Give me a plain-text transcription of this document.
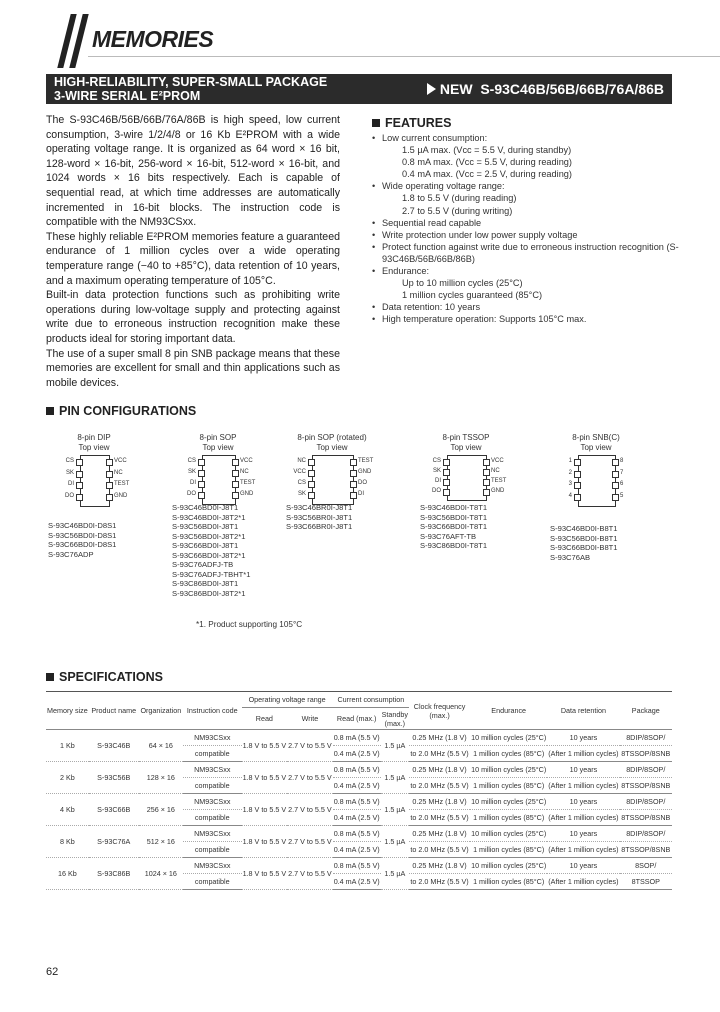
MEMORIES
HIGH-RELIABILITY, SUPER-SMALL PACKAGE
3-WIRE SERIAL E²PROM	NEW S-93C46B/56B/66B/76A/86B

The S-93C46B/56B/66B/76A/86B is high speed, low current consumption, 3-wire 1/2/4/8 or 16 Kb E²PROM with a wide operating voltage range. It is organized as 64 word × 16 bit, 128-word × 16-bit, 256-word × 16-bit, 512-word × 16-bit, and 1024 words × 16 bits respectively. Each is capable of sequential read, at which time addresses are automatically incremented in 16-bit blocks. The instruction code is compatible with the NM93CSxx.

These highly reliable E²PROM memories feature a guaranteed endurance of 1 million cycles over a wide operating temperature range (−40 to +85°C), data retention of 10 years, and a maximum operating temperature of 105°C.

Built-in data protection functions such as prohibiting write operations during low-voltage supply and protecting against write due to erroneous instruction recognition make these products ideal for storing important data.

The use of a super small 8 pin SNB package means that these memories are excellent for small and thin applications such as mobile devices.

FEATURES
• Low current consumption:
1.5 µA max. (Vcc = 5.5 V, during standby)
0.8 mA max. (Vcc = 5.5 V, during reading)
0.4 mA max. (Vcc = 2.5 V, during reading)
• Wide operating voltage range:
1.8 to 5.5 V (during reading)
2.7 to 5.5 V (during writing)
• Sequential read capable
• Write protection under low power supply voltage
• Protect function against write due to erroneous instruction recognition (S-93C46B/56B/66B/86B)
• Endurance:
Up to 10 million cycles (25°C)
1 million cycles guaranteed (85°C)
• Data retention: 10 years
• High temperature operation: Supports 105°C max.
PIN CONFIGURATIONS
8-pin DIP
Top view
CS	VCC
SK	NC
DI	TEST
DO	GND
S-93C46BD0I-D8S1
S-93C56BD0I-D8S1
S-93C66BD0I-D8S1
S-93C76ADP
8-pin SOP
Top view
CS	VCC
SK	NC
DI	TEST
DO	GND
S-93C46BD0I-J8T1
S-93C46BD0I-J8T2*1
S-93C56BD0I-J8T1
S-93C56BD0I-J8T2*1
S-93C66BD0I-J8T1
S-93C66BD0I-J8T2*1
S-93C76ADFJ-TB
S-93C76ADFJ-TBHT*1
S-93C86BD0I-J8T1
S-93C86BD0I-J8T2*1
8-pin SOP (rotated)
Top view
NC	TEST
VCC	GND
CS	DO
SK	DI
S-93C46BR0I-J8T1
S-93C56BR0I-J8T1
S-93C66BR0I-J8T1
8-pin TSSOP
Top view
CS	VCC
SK	NC
DI	TEST
DO	GND
S-93C46BD0I-T8T1
S-93C56BD0I-T8T1
S-93C66BD0I-T8T1
S-93C76AFT-TB
S-93C86BD0I-T8T1
8-pin SNB(C)
Top view
1	8
2	7
3	6
4	5
S-93C46BD0I-B8T1
S-93C56BD0I-B8T1
S-93C66BD0I-B8T1
S-93C76AB
*1. Product supporting 105°C
SPECIFICATIONS
Memory size	Product name	Organization	Instruction code	Operating voltage range		Current consumption		Clock frequency (max.)	Endurance	Data retention	Package
				Read	Write	Read (max.)	Standby (max.)				
1 Kb	S-93C46B	64 × 16	NM93CSxx	1.8 V to 5.5 V	2.7 V to 5.5 V	0.8 mA (5.5 V)	1.5 µA	0.25 MHz (1.8 V)	10 million cycles (25°C)	10 years	8DIP/8SOP/
			compatible			0.4 mA (2.5 V)		to 2.0 MHz (5.5 V)	1 million cycles (85°C)	(After 1 million cycles)	8TSSOP/8SNB
2 Kb	S-93C56B	128 × 16	NM93CSxx	1.8 V to 5.5 V	2.7 V to 5.5 V	0.8 mA (5.5 V)	1.5 µA	0.25 MHz (1.8 V)	10 million cycles (25°C)	10 years	8DIP/8SOP/
			compatible			0.4 mA (2.5 V)		to 2.0 MHz (5.5 V)	1 million cycles (85°C)	(After 1 million cycles)	8TSSOP/8SNB
4 Kb	S-93C66B	256 × 16	NM93CSxx	1.8 V to 5.5 V	2.7 V to 5.5 V	0.8 mA (5.5 V)	1.5 µA	0.25 MHz (1.8 V)	10 million cycles (25°C)	10 years	8DIP/8SOP/
			compatible			0.4 mA (2.5 V)		to 2.0 MHz (5.5 V)	1 million cycles (85°C)	(After 1 million cycles)	8TSSOP/8SNB
8 Kb	S-93C76A	512 × 16	NM93CSxx	1.8 V to 5.5 V	2.7 V to 5.5 V	0.8 mA (5.5 V)	1.5 µA	0.25 MHz (1.8 V)	10 million cycles (25°C)	10 years	8DIP/8SOP/
			compatible			0.4 mA (2.5 V)		to 2.0 MHz (5.5 V)	1 million cycles (85°C)	(After 1 million cycles)	8TSSOP/8SNB
16 Kb	S-93C86B	1024 × 16	NM93CSxx	1.8 V to 5.5 V	2.7 V to 5.5 V	0.8 mA (5.5 V)	1.5 µA	0.25 MHz (1.8 V)	10 million cycles (25°C)	10 years	8SOP/
			compatible			0.4 mA (2.5 V)		to 2.0 MHz (5.5 V)	1 million cycles (85°C)	(After 1 million cycles)	8TSSOP
62
